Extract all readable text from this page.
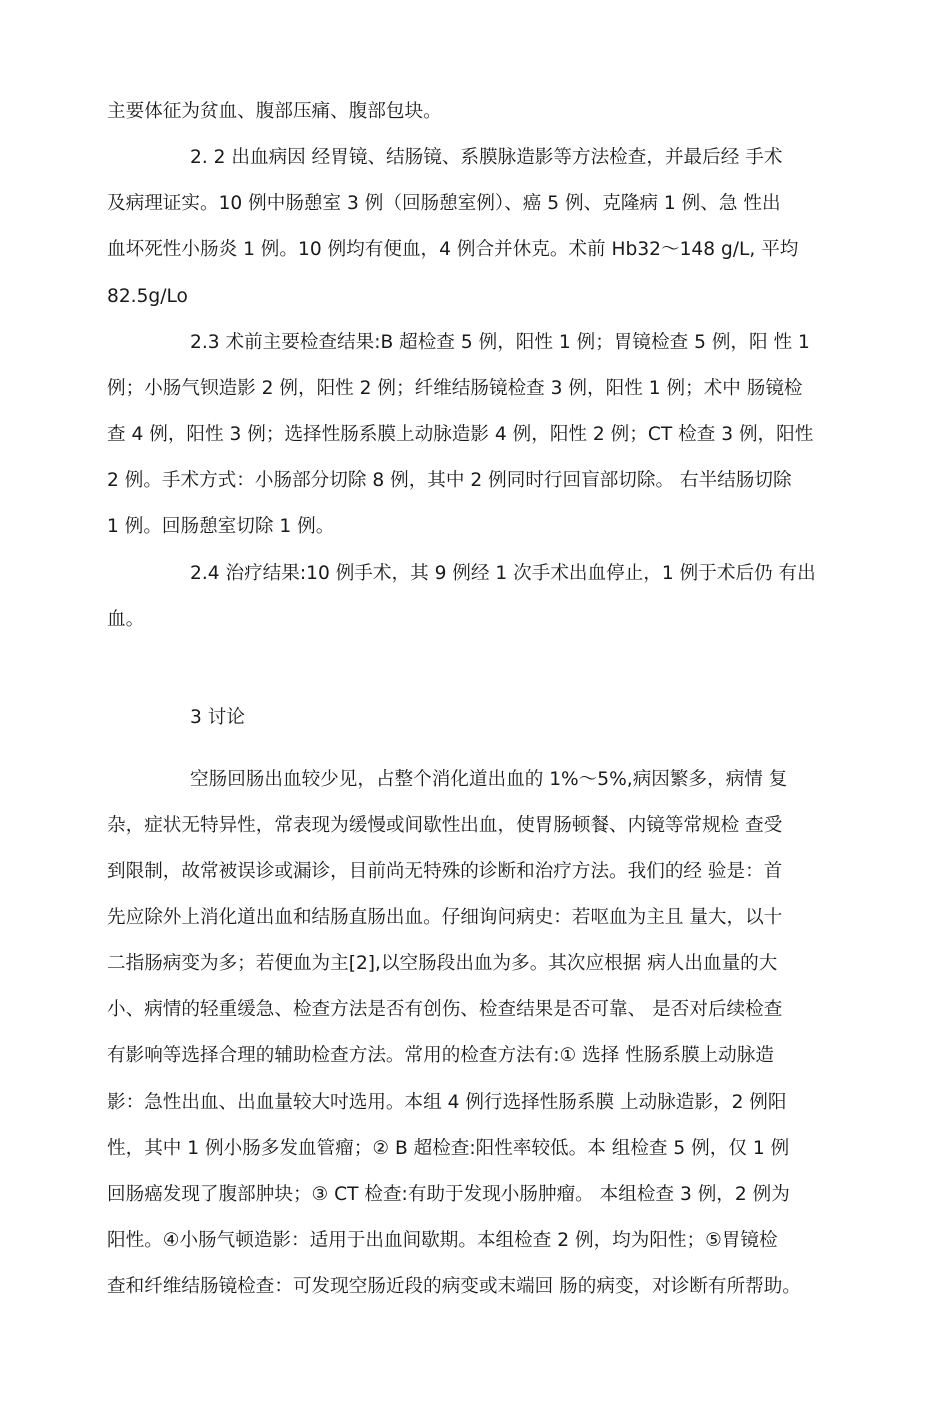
主要体征为贫血、腹部压痛、腹部包块。
2. 2 出血病因 经胃镜、结肠镜、系膜脉造影等方法检查，并最后经 手术
及病理证实。10 例中肠憩室 3 例（回肠憩室例）、癌 5 例、克隆病 1 例、急 性出
血坏死性小肠炎 1 例。10 例均有便血，4 例合并休克。术前 Hb32〜148 g/L, 平均
82.5g/Lo
2.3 术前主要检查结果:B 超检查 5 例，阳性 1 例；胃镜检查 5 例，阳 性 1
例；小肠气钡造影 2 例，阳性 2 例；纤维结肠镜检查 3 例，阳性 1 例；术中 肠镜检
查 4 例，阳性 3 例；选择性肠系膜上动脉造影 4 例，阳性 2 例；CT 检查 3 例，阳性
2 例。手术方式：小肠部分切除 8 例，其中 2 例同时行回盲部切除。 右半结肠切除
1 例。回肠憩室切除 1 例。
2.4 治疗结果:10 例手术，其 9 例经 1 次手术出血停止，1 例于术后仍 有出
血。
3 讨论
空肠回肠出血较少见，占整个消化道出血的 1%〜5%,病因繁多，病情 复
杂，症状无特异性，常表现为缓慢或间歇性出血，使胃肠顿餐、内镜等常规检 查受
到限制，故常被误诊或漏诊，目前尚无特殊的诊断和治疗方法。我们的经 验是：首
先应除外上消化道出血和结肠直肠出血。仔细询问病史：若呕血为主且 量大，以十
二指肠病变为多；若便血为主[2],以空肠段出血为多。其次应根据 病人出血量的大
小、病情的轻重缓急、检查方法是否有创伤、检查结果是否可靠、 是否对后续检查
有影响等选择合理的辅助检查方法。常用的检查方法有:① 选择 性肠系膜上动脉造
影：急性出血、出血量较大吋选用。本组 4 例行选择性肠系膜 上动脉造影，2 例阳
性，其中 1 例小肠多发血管瘤；② B 超检查:阳性率较低。本 组检查 5 例，仅 1 例
回肠癌发现了腹部肿块；③ CT 检查:有助于发现小肠肿瘤。 本组检查 3 例，2 例为
阳性。④小肠气顿造影：适用于出血间歇期。本组检查 2 例，均为阳性；⑤胃镜检
查和纤维结肠镜检查：可发现空肠近段的病变或末端回 肠的病变，对诊断有所帮助。
